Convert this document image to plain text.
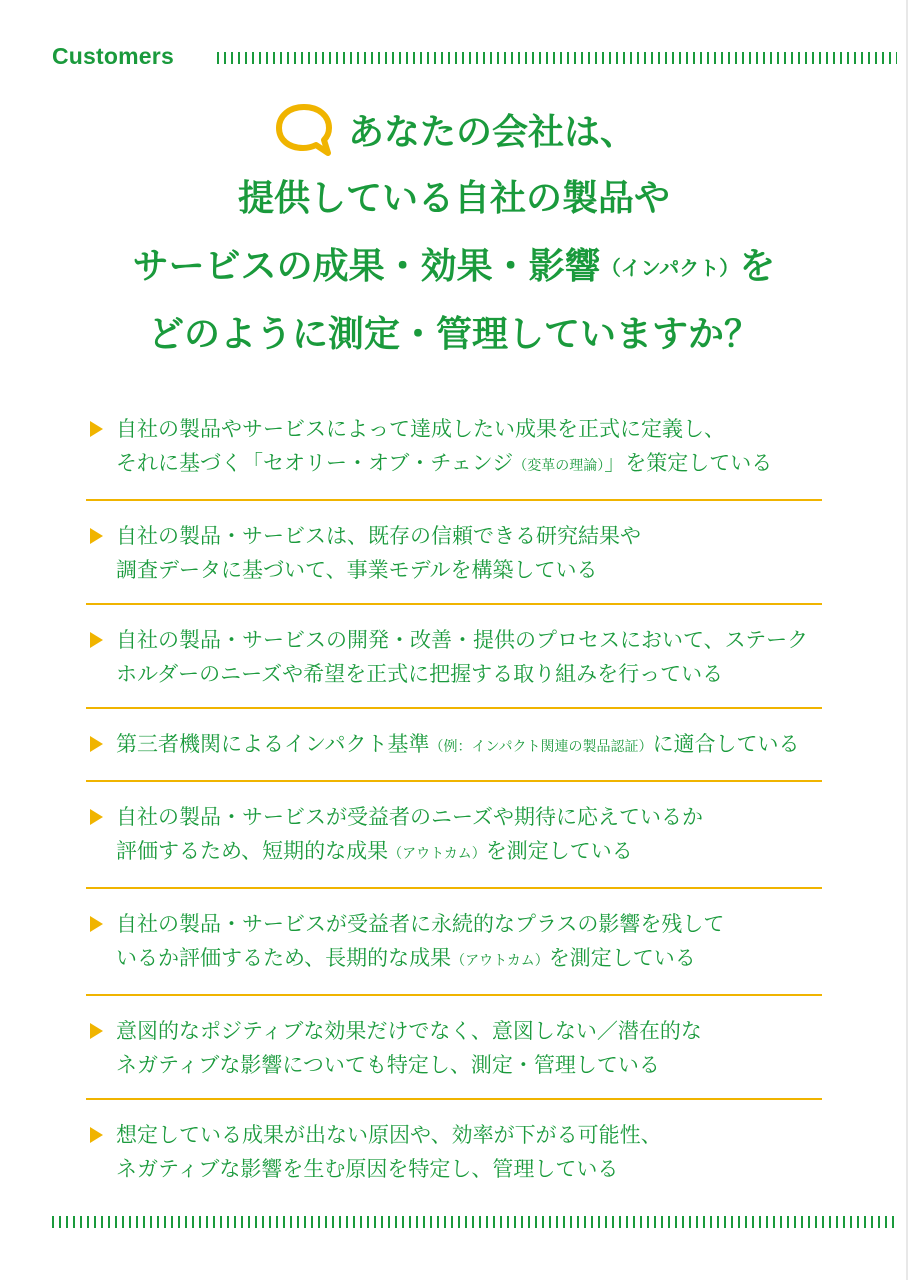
Customers
あなたの会社は、
提供している自社の製品や
サービスの成果・効果・影響（インパクト）を
どのように測定・管理していますか？
自社の製品やサービスによって達成したい成果を正式に定義し、
それに基づく「セオリー・オブ・チェンジ（変革の理論）」を策定している
自社の製品・サービスは、既存の信頼できる研究結果や
調査データに基づいて、事業モデルを構築している
自社の製品・サービスの開発・改善・提供のプロセスにおいて、ステーク
ホルダーのニーズや希望を正式に把握する取り組みを行っている
第三者機関によるインパクト基準（例：インパクト関連の製品認証）に適合している
自社の製品・サービスが受益者のニーズや期待に応えているか
評価するため、短期的な成果（アウトカム）を測定している
自社の製品・サービスが受益者に永続的なプラスの影響を残して
いるか評価するため、長期的な成果（アウトカム）を測定している
意図的なポジティブな効果だけでなく、意図しない／潜在的な
ネガティブな影響についても特定し、測定・管理している
想定している成果が出ない原因や、効率が下がる可能性、
ネガティブな影響を生む原因を特定し、管理している
